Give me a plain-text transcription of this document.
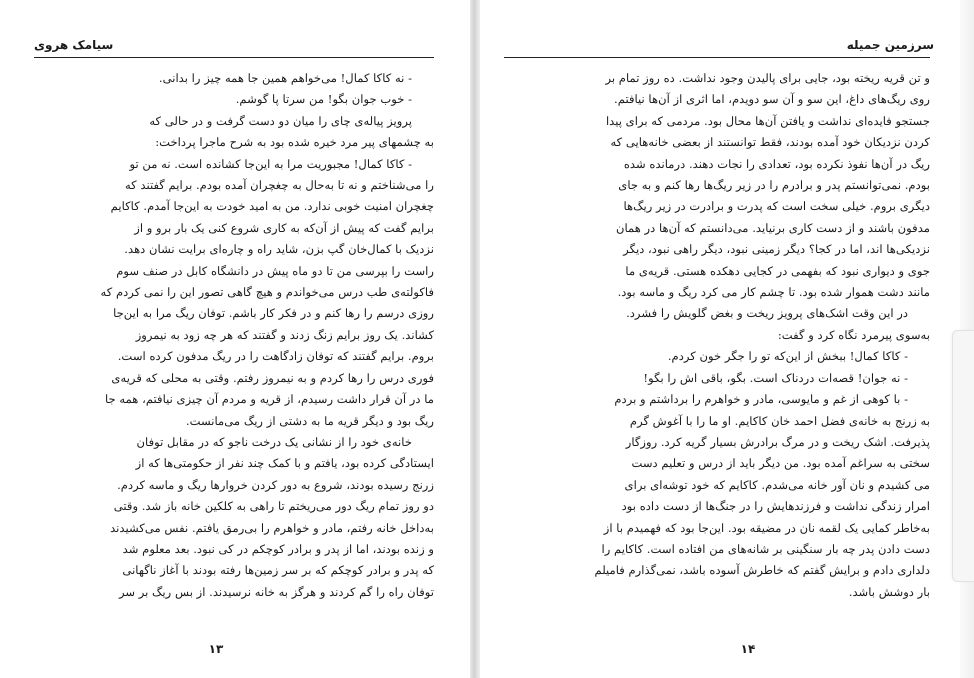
سیامک هروی

- نه کاکا کمال! می‌خواهم همین جا همه چیز را بدانی.

- خوب جوان بگو! من سرتا پا گوشم.

پرویز پیاله‌ی چای را میان دو دست گرفت و در حالی که

به چشمهای پیر مرد خیره شده بود به شرح ماجرا پرداخت:

- کاکا کمال! مجبوریت مرا به این‌جا کشانده است. نه من تو

را می‌شناختم و نه تا به‌حال به چغچران آمده بودم. برایم گفتند که

چغچران امنیت خوبی ندارد. من به امید خودت به این‌جا آمدم. کاکایم

برایم گفت که پیش از آن‌که به کاری شروع کنی یک بار برو و از

نزدیک با کمال‌خان گپ بزن، شاید راه و چاره‌ای برایت نشان دهد.

راست را بپرسی من تا دو ماه پیش در دانشگاه کابل در صنف سوم

فاکولته‌ی طب درس می‌خواندم و هیچ گاهی تصور این را نمی کردم که

روزی درسم را رها کنم و در فکر کار باشم. توفان ریگ مرا به این‌جا

کشاند. یک روز برایم زنگ زدند و گفتند که هر چه زود به نیمروز

بروم. برایم گفتند که توفان زادگاهت را در ریگ مدفون کرده است.

فوری درس را رها کردم و به نیمروز رفتم. وقتی به محلی که قریه‌ی

ما در آن قرار داشت رسیدم، از قریه و مردم آن چیزی نیافتم، همه جا

ریگ بود و دیگر قریه ما به دشتی از ریگ می‌مانست.

خانه‌ی خود را از نشانی یک درخت ناجو که در مقابل توفان

ایستادگی کرده بود، یافتم و با کمک چند نفر از حکومتی‌ها که از

زرنج رسیده بودند، شروع به دور کردن خروارها ریگ و ماسه کردم.

دو روز تمام ریگ دور می‌ریختم تا راهی به کلکین خانه باز شد. وقتی

به‌داخل خانه رفتم، مادر و خواهرم را بی‌رمق یافتم. نفس می‌کشیدند

و زنده بودند، اما از پدر و برادر کوچکم در کی نبود. بعد معلوم شد

که پدر و برادر کوچکم که بر سر زمین‌ها رفته بودند با آغاز ناگهانی

توفان راه را گم کردند و هرگز به خانه نرسیدند. از بس ریگ بر سر

۱۳
سرزمین جمیله

و تن قریه ریخته بود، جایی برای پالیدن وجود نداشت. ده روز تمام بر

روی ریگ‌های داغ، این سو و آن سو دویدم، اما اثری از آن‌ها نیافتم.

جستجو فایده‌ای نداشت و یافتن آن‌ها محال بود. مردمی که برای پیدا

کردن نزدیکان خود آمده بودند، فقط توانستند از بعضی خانه‌هایی که

ریگ در آن‌ها نفوذ نکرده بود، تعدادی را نجات دهند. درمانده شده

بودم. نمی‌توانستم پدر و برادرم را در زیر ریگ‌ها رها کنم و به جای

دیگری بروم. خیلی سخت است که پدرت و برادرت در زیر ریگ‌ها

مدفون باشند و از دست کاری برنیاید. می‌دانستم که آن‌ها در همان

نزدیکی‌ها اند، اما در کجا؟ دیگر زمینی نبود، دیگر راهی نبود، دیگر

جوی و دیواری نبود که بفهمی در کجایی دهکده هستی. قریه‌ی ما

مانند دشت هموار شده بود. تا چشم کار می کرد ریگ و ماسه بود.

در این وقت اشک‌های پرویز ریخت و بغض گلویش را فشرد.

به‌سوی پیرمرد نگاه کرد و گفت:

- کاکا کمال! ببخش از این‌که تو را جگر خون کردم.

- نه جوان! قصه‌ات دردناک است. بگو، باقی اش را بگو!

- با کوهی از غم و مایوسی، مادر و خواهرم را برداشتم و بردم

به زرنج به خانه‌ی فضل احمد خان کاکایم. او ما را با آغوش گرم

پذیرفت. اشک ریخت و در مرگ برادرش بسیار گریه کرد. روزگار

سختی به سراغم آمده بود. من دیگر باید از درس و تعلیم دست

می کشیدم و نان آور خانه می‌شدم. کاکایم که خود توشه‌ای برای

امرار زندگی نداشت و فرزندهایش را در جنگ‌ها از دست داده بود

به‌خاطر کمایی یک لقمه نان در مضیقه بود. این‌جا بود که فهمیدم با از

دست دادن پدر چه بار سنگینی بر شانه‌های من افتاده است. کاکایم را

دلداری دادم و برایش گفتم که خاطرش آسوده باشد، نمی‌گذارم فامیلم

بار دوشش باشد.

۱۴
